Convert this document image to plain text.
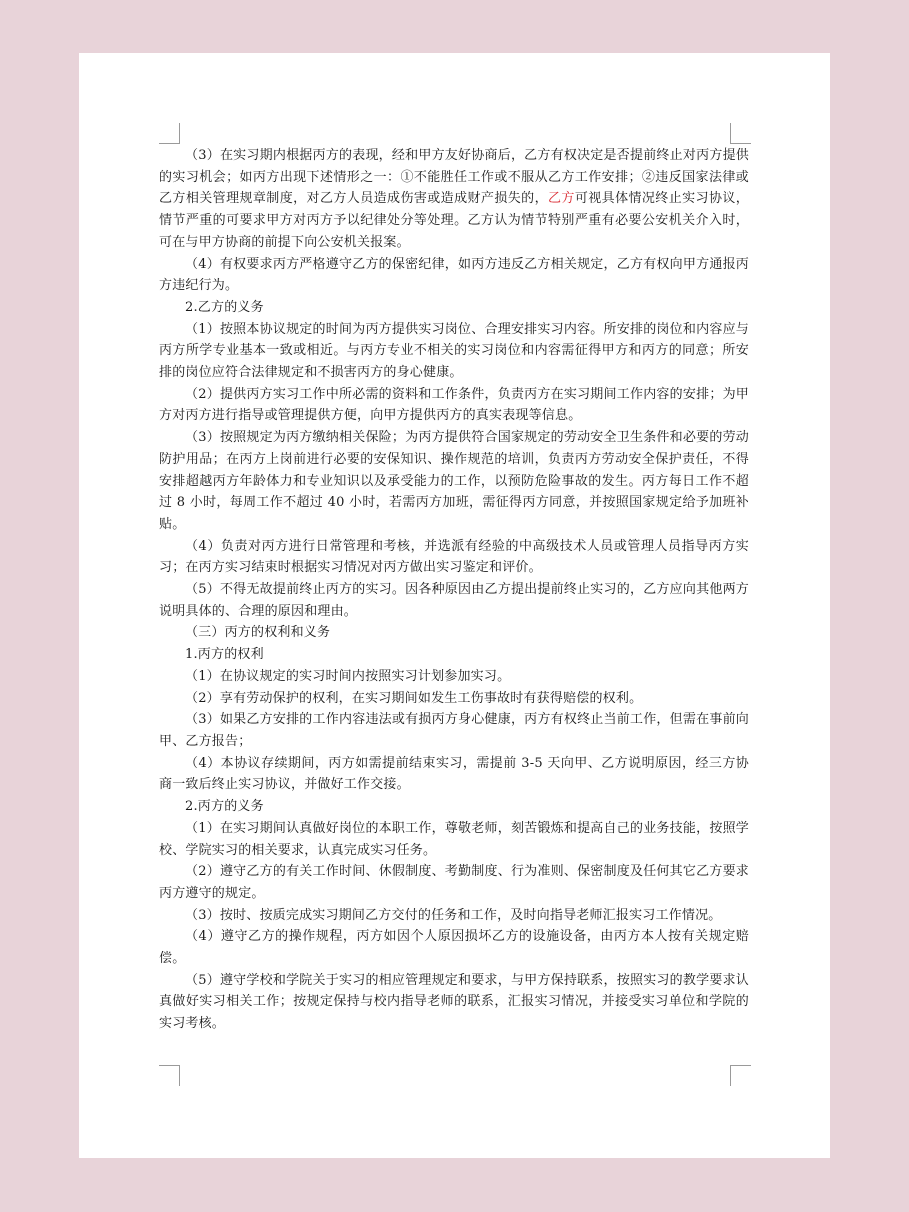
（3）在实习期内根据丙方的表现，经和甲方友好协商后，乙方有权决定是否提前终止对丙方提供的实习机会；如丙方出现下述情形之一：①不能胜任工作或不服从乙方工作安排；②违反国家法律或乙方相关管理规章制度，对乙方人员造成伤害或造成财产损失的，乙方可视具体情况终止实习协议，情节严重的可要求甲方对丙方予以纪律处分等处理。乙方认为情节特别严重有必要公安机关介入时，可在与甲方协商的前提下向公安机关报案。

（4）有权要求丙方严格遵守乙方的保密纪律，如丙方违反乙方相关规定，乙方有权向甲方通报丙方违纪行为。

2.乙方的义务

（1）按照本协议规定的时间为丙方提供实习岗位、合理安排实习内容。所安排的岗位和内容应与丙方所学专业基本一致或相近。与丙方专业不相关的实习岗位和内容需征得甲方和丙方的同意；所安排的岗位应符合法律规定和不损害丙方的身心健康。

（2）提供丙方实习工作中所必需的资料和工作条件，负责丙方在实习期间工作内容的安排；为甲方对丙方进行指导或管理提供方便，向甲方提供丙方的真实表现等信息。

（3）按照规定为丙方缴纳相关保险；为丙方提供符合国家规定的劳动安全卫生条件和必要的劳动防护用品；在丙方上岗前进行必要的安保知识、操作规范的培训，负责丙方劳动安全保护责任，不得安排超越丙方年龄体力和专业知识以及承受能力的工作，以预防危险事故的发生。丙方每日工作不超过 8 小时，每周工作不超过 40 小时，若需丙方加班，需征得丙方同意，并按照国家规定给予加班补贴。

（4）负责对丙方进行日常管理和考核，并选派有经验的中高级技术人员或管理人员指导丙方实习；在丙方实习结束时根据实习情况对丙方做出实习鉴定和评价。

（5）不得无故提前终止丙方的实习。因各种原因由乙方提出提前终止实习的，乙方应向其他两方说明具体的、合理的原因和理由。

（三）丙方的权利和义务

1.丙方的权利

（1）在协议规定的实习时间内按照实习计划参加实习。

（2）享有劳动保护的权利，在实习期间如发生工伤事故时有获得赔偿的权利。

（3）如果乙方安排的工作内容违法或有损丙方身心健康，丙方有权终止当前工作，但需在事前向甲、乙方报告；

（4）本协议存续期间，丙方如需提前结束实习，需提前 3-5 天向甲、乙方说明原因，经三方协商一致后终止实习协议，并做好工作交接。

2.丙方的义务

（1）在实习期间认真做好岗位的本职工作，尊敬老师，刻苦锻炼和提高自己的业务技能，按照学校、学院实习的相关要求，认真完成实习任务。

（2）遵守乙方的有关工作时间、休假制度、考勤制度、行为准则、保密制度及任何其它乙方要求丙方遵守的规定。

（3）按时、按质完成实习期间乙方交付的任务和工作，及时向指导老师汇报实习工作情况。

（4）遵守乙方的操作规程，丙方如因个人原因损坏乙方的设施设备，由丙方本人按有关规定赔偿。

（5）遵守学校和学院关于实习的相应管理规定和要求，与甲方保持联系，按照实习的教学要求认真做好实习相关工作；按规定保持与校内指导老师的联系，汇报实习情况，并接受实习单位和学院的实习考核。
